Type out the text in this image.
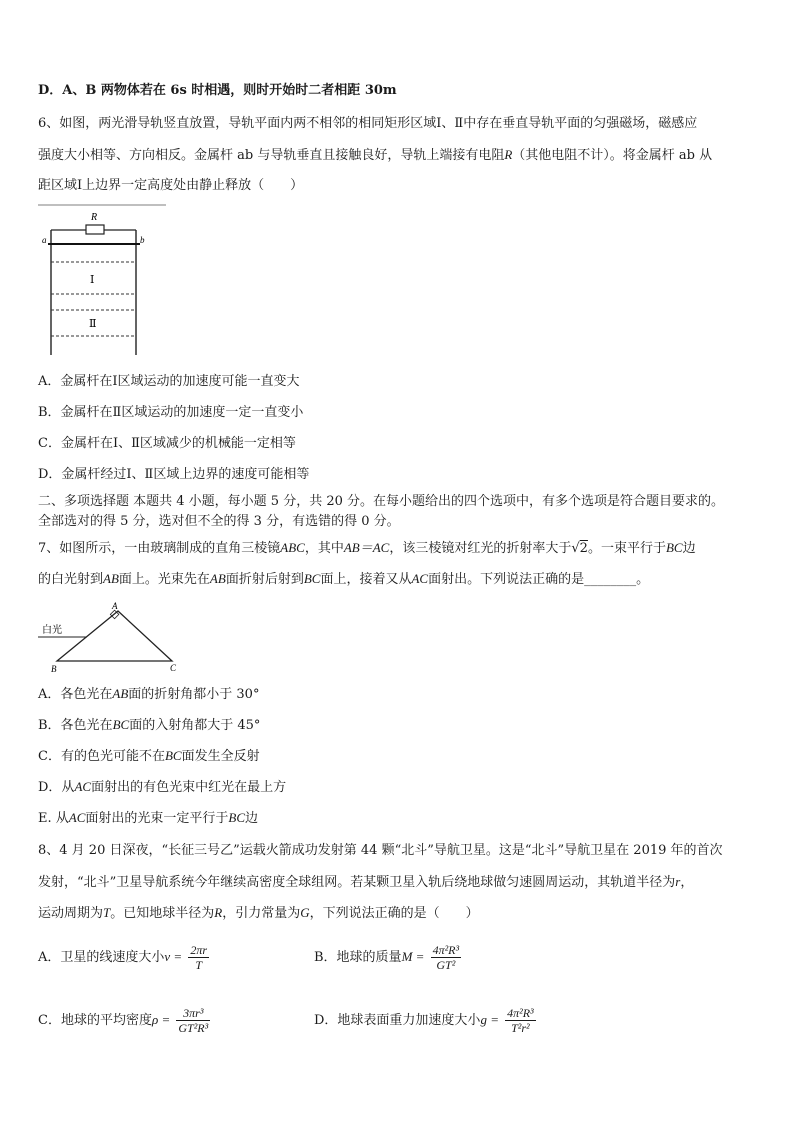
D．A、B 两物体若在 6s 时相遇，则时开始时二者相距 30m
6、如图，两光滑导轨竖直放置，导轨平面内两不相邻的相同矩形区域Ⅰ、Ⅱ中存在垂直导轨平面的匀强磁场，磁感应
强度大小相等、方向相反。金属杆 ab 与导轨垂直且接触良好，导轨上端接有电阻R（其他电阻不计）。将金属杆 ab 从
距区域Ⅰ上边界一定高度处由静止释放（　　）
R
a	b
Ⅰ
Ⅱ
A．金属杆在Ⅰ区域运动的加速度可能一直变大
B．金属杆在Ⅱ区域运动的加速度一定一直变小
C．金属杆在Ⅰ、Ⅱ区域减少的机械能一定相等
D．金属杆经过Ⅰ、Ⅱ区域上边界的速度可能相等
二、多项选择题 本题共 4 小题，每小题 5 分，共 20 分。在每小题给出的四个选项中，有多个选项是符合题目要求的。
全部选对的得 5 分，选对但不全的得 3 分，有选错的得 0 分。
7、如图所示，一由玻璃制成的直角三棱镜ABC，其中AB＝AC，该三棱镜对红光的折射率大于√2。一束平行于BC边
的白光射到AB面上。光束先在AB面折射后射到BC面上，接着又从AC面射出。下列说法正确的是________。
白光
A
B	C
A．各色光在AB面的折射角都小于 30°
B．各色光在BC面的入射角都大于 45°
C．有的色光可能不在BC面发生全反射
D．从AC面射出的有色光束中红光在最上方
E. 从AC面射出的光束一定平行于BC边
8、4 月 20 日深夜，“长征三号乙”运载火箭成功发射第 44 颗“北斗”导航卫星。这是“北斗”导航卫星在 2019 年的首次
发射，“北斗”卫星导航系统今年继续高密度全球组网。若某颗卫星入轨后绕地球做匀速圆周运动，其轨道半径为r，
运动周期为T。已知地球半径为R，引力常量为G，下列说法正确的是（　　）
A．卫星的线速度大小$v = \frac{2\pi r}{T}$	B．地球的质量$M = \frac{\text{4π²R³}}{\text{GT²}}$
C．地球的平均密度$\rho = \frac{\text{3πr³}}{\text{GT²R³}}$	D．地球表面重力加速度大小$g = \frac{\text{4π²R³}}{\text{T²r²}}$
